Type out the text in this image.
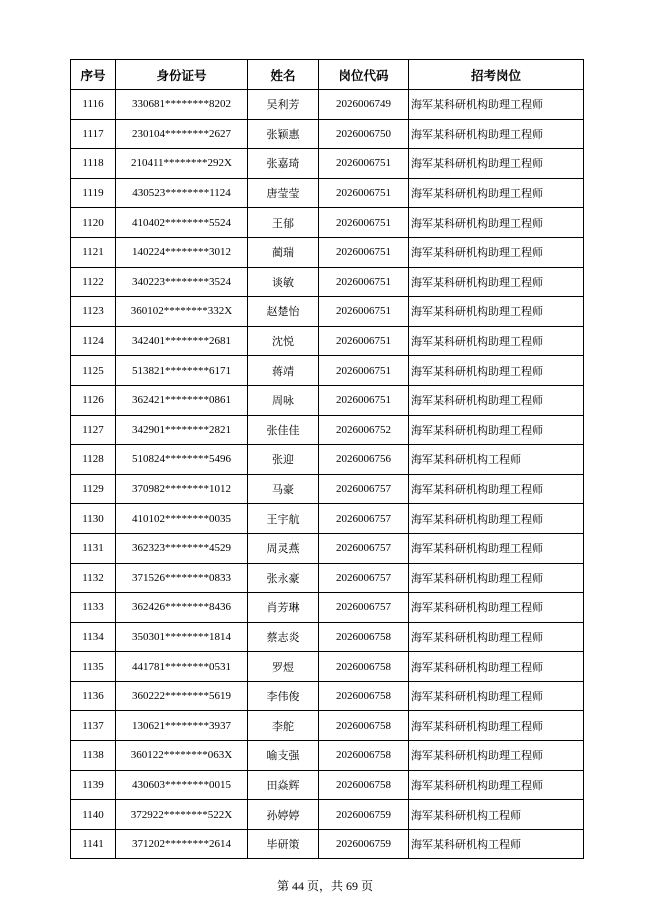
序号	身份证号	姓名	岗位代码	招考岗位
1116	330681********8202	吴利芳	2026006749	海军某科研机构助理工程师
1117	230104********2627	张颖惠	2026006750	海军某科研机构助理工程师
1118	210411********292X	张嘉琦	2026006751	海军某科研机构助理工程师
1119	430523********1124	唐莹莹	2026006751	海军某科研机构助理工程师
1120	410402********5524	王郁	2026006751	海军某科研机构助理工程师
1121	140224********3012	蔺瑞	2026006751	海军某科研机构助理工程师
1122	340223********3524	谈敏	2026006751	海军某科研机构助理工程师
1123	360102********332X	赵楚怡	2026006751	海军某科研机构助理工程师
1124	342401********2681	沈悦	2026006751	海军某科研机构助理工程师
1125	513821********6171	蒋靖	2026006751	海军某科研机构助理工程师
1126	362421********0861	周咏	2026006751	海军某科研机构助理工程师
1127	342901********2821	张佳佳	2026006752	海军某科研机构助理工程师
1128	510824********5496	张迎	2026006756	海军某科研机构工程师
1129	370982********1012	马豪	2026006757	海军某科研机构助理工程师
1130	410102********0035	王宇航	2026006757	海军某科研机构助理工程师
1131	362323********4529	周灵燕	2026006757	海军某科研机构助理工程师
1132	371526********0833	张永豪	2026006757	海军某科研机构助理工程师
1133	362426********8436	肖芳琳	2026006757	海军某科研机构助理工程师
1134	350301********1814	蔡志炎	2026006758	海军某科研机构助理工程师
1135	441781********0531	罗煜	2026006758	海军某科研机构助理工程师
1136	360222********5619	李伟俊	2026006758	海军某科研机构助理工程师
1137	130621********3937	李舵	2026006758	海军某科研机构助理工程师
1138	360122********063X	喻支强	2026006758	海军某科研机构助理工程师
1139	430603********0015	田焱辉	2026006758	海军某科研机构助理工程师
1140	372922********522X	孙婷婷	2026006759	海军某科研机构工程师
1141	371202********2614	毕研策	2026006759	海军某科研机构工程师
第 44 页，共 69 页
